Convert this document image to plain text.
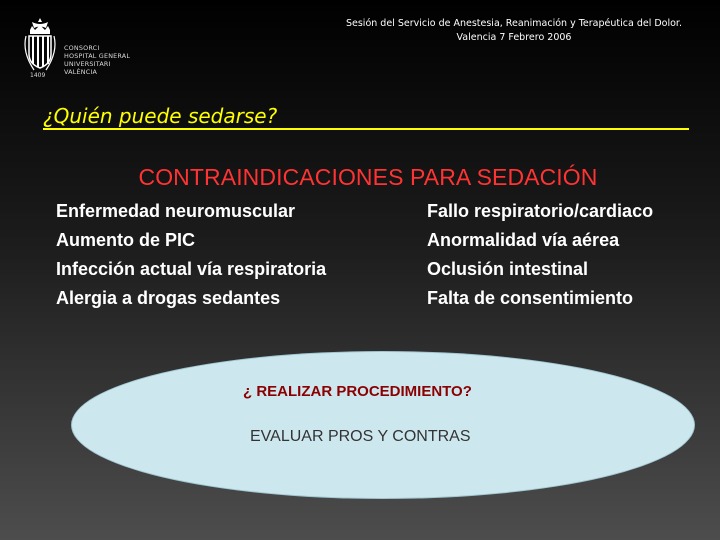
1409
CONSORCI
HOSPITAL GENERAL
UNIVERSITARI
VALÈNCIA
Sesión del Servicio de Anestesia, Reanimación y Terapéutica del Dolor.
Valencia 7 Febrero 2006
¿Quién puede sedarse?
CONTRAINDICACIONES PARA SEDACIÓN
Enfermedad neuromuscular
Aumento de PIC
Infección actual vía respiratoria
Alergia a drogas sedantes
Fallo respiratorio/cardiaco
Anormalidad vía aérea
Oclusión intestinal
Falta de consentimiento
¿ REALIZAR PROCEDIMIENTO?
EVALUAR PROS Y CONTRAS
